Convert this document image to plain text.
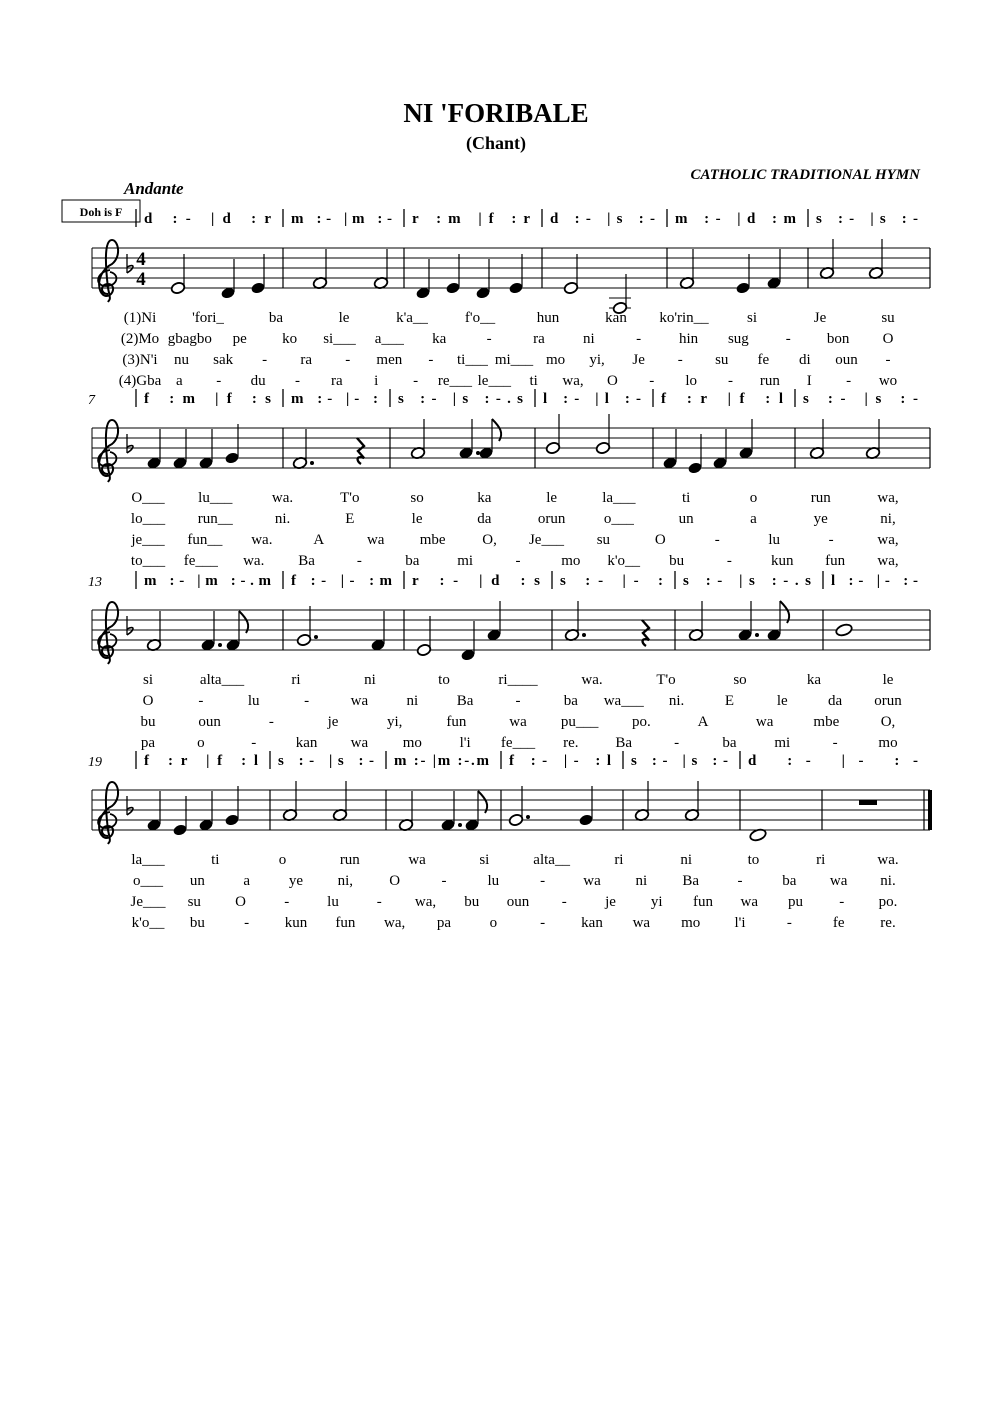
NI 'FORIBALE
(Chant)
CATHOLIC TRADITIONAL HYMN
Andante
Doh is F
4
4
d :- |d :r m :- |m :- r :m |f :r d :- |s :- m :- |d :m s :- |s :-
(1)Ni 'fori_	ba	le	k'a__ f'o__	hun	kan ko'rin__	si	Je	su
(2)Mo gbagbo pe ko si___ a___ ka	-	ra	ni	-	hin sug - bon O
(3)N'i nu sak - ra - men - ti___ mi___ mo yi, Je - su fe di oun -
(4)Gba a - du - ra i - re___ le___ ti wa, O - lo - run I - wo
7	f :m |f :s m :- |- : s :- |s :-.s l :- |l :- f :r |f :l s :- |s :-
O___ lu___	wa.	T'o	so	ka	le	la___	ti	o	run	wa,
lo___ run__	ni.	E	le	da	orun	o___	un	a	ye	ni,
je___ fun__ wa.	A	wa mbe O, Je___ su	O	-	lu	-	wa,
to___ fe___ wa. Ba	-	ba	mi	-	mo k'o__ bu	-	kun fun wa,
13	m :- |m :-.m f :- |- :m r :- |d :s s :- |- : s :- |s :-.s l :- |- :-
si	alta___	ri	ni	to	ri____	wa.	T'o	so	ka	le
O	-	lu	-	wa	ni	Ba	-	ba wa___ ni.	E	le	da orun
bu	oun	-	je	yi,	fun	wa pu___ po.	A	wa	mbe	O,
pa	o	-	kan wa mo	l'i fe___ re. Ba	-	ba	mi	-	mo
19	f :r |f :l s :- |s :- m :- |m :-.m f :- |- :l s :- |s :- d :- |- :-
la___	ti	o	run	wa	si	alta__	ri	ni	to	ri	wa.
o___ un	a	ye ni, O	-	lu	-	wa ni Ba	-	ba wa ni.
Je___ su O	-	lu	- wa, bu oun -	je yi fun wa pu - po.
k'o__ bu	- kun fun wa, pa	o	- kan wa mo l'i	-	fe re.
